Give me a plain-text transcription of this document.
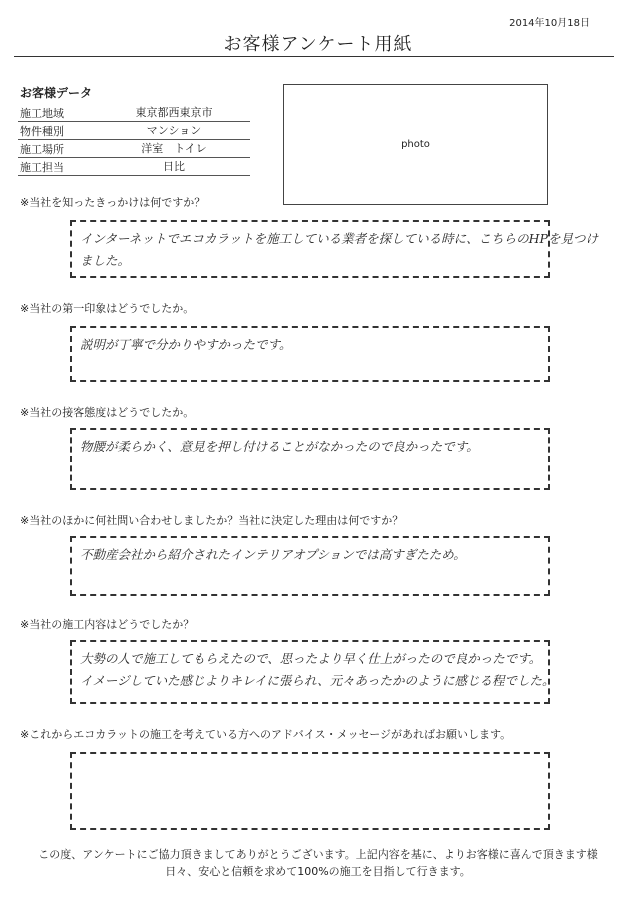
2014年10月18日
お客様アンケート用紙
お客様データ
施工地域	東京都西東京市
物件種別	マンション
施工場所	洋室　トイレ
施工担当	日比
photo
※当社を知ったきっかけは何ですか？
インターネットでエコカラットを施工している業者を探している時に、こちらのHPを見つけ
ました。
※当社の第一印象はどうでしたか。
説明が丁寧で分かりやすかったです。
※当社の接客態度はどうでしたか。
物腰が柔らかく、意見を押し付けることがなかったので良かったです。
※当社のほかに何社問い合わせしましたか？当社に決定した理由は何ですか？
不動産会社から紹介されたインテリアオプションでは高すぎたため。
※当社の施工内容はどうでしたか？
大勢の人で施工してもらえたので、思ったより早く仕上がったので良かったです。
イメージしていた感じよりキレイに張られ、元々あったかのように感じる程でした。
※これからエコカラットの施工を考えている方へのアドバイス・メッセージがあればお願いします。
この度、アンケートにご協力頂きましてありがとうございます。上記内容を基に、よりお客様に喜んで頂きます様
日々、安心と信頼を求めて100%の施工を目指して行きます。
